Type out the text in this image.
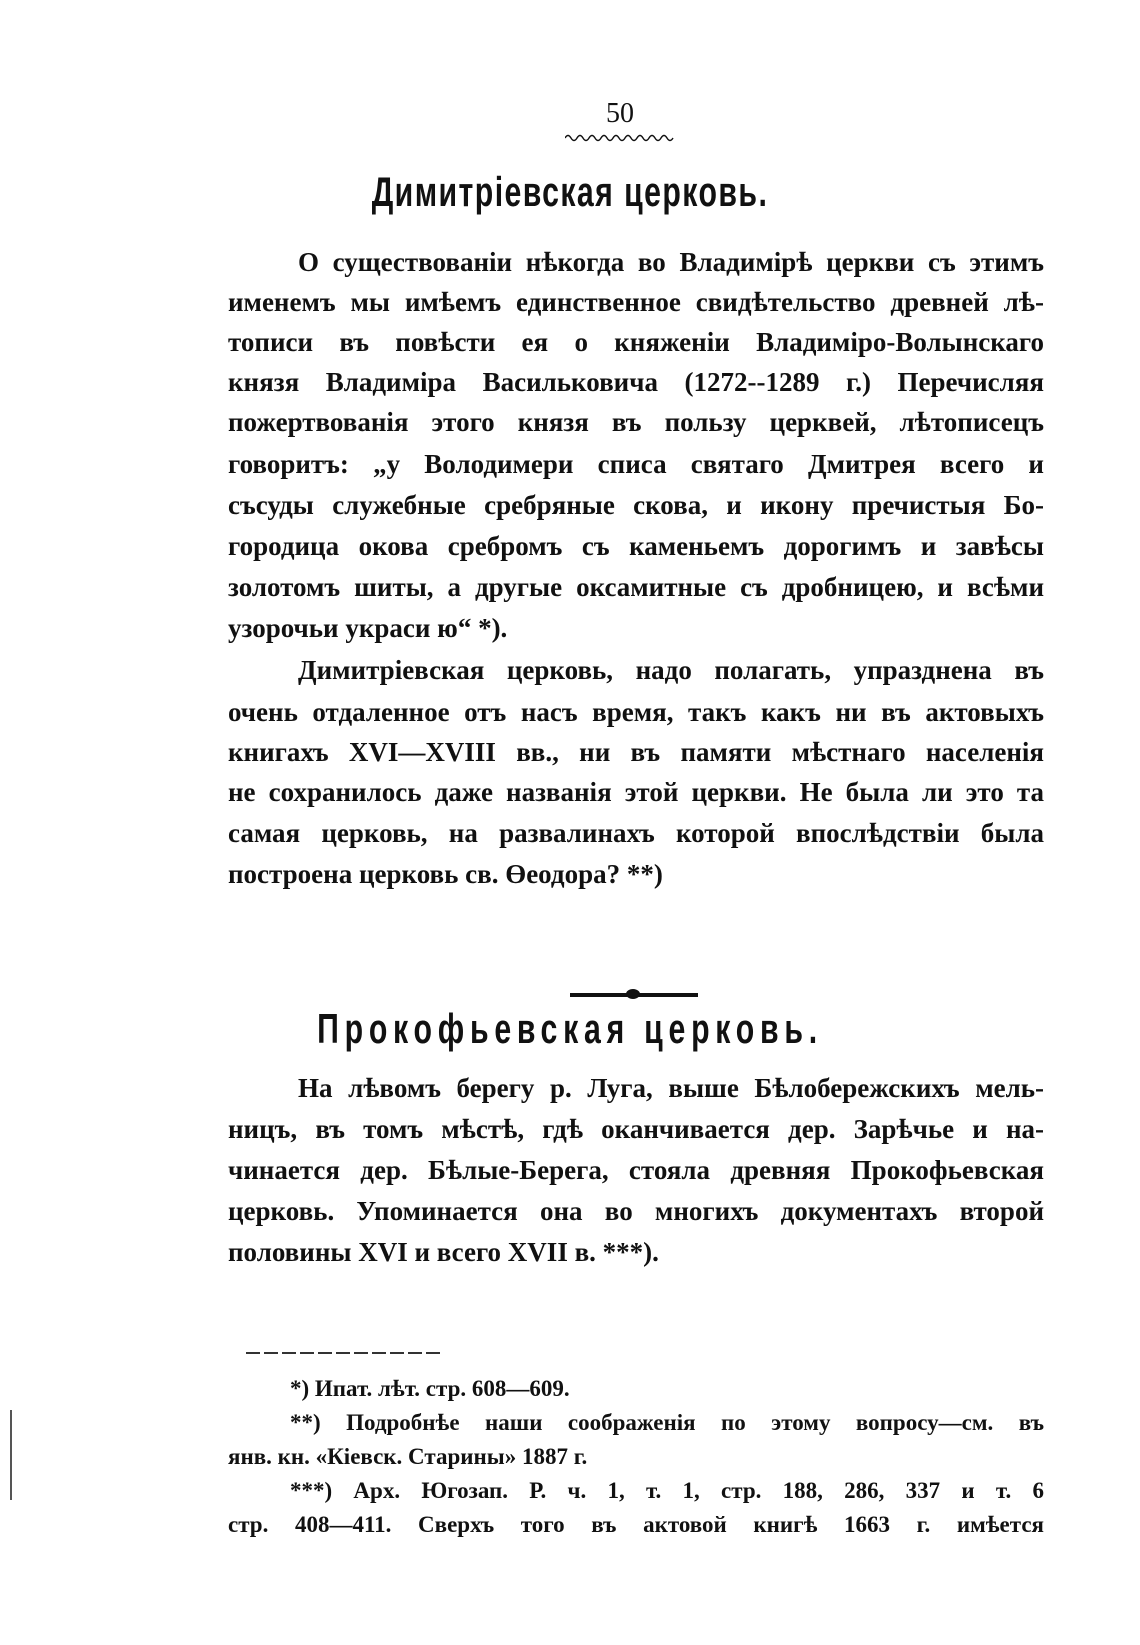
50
Димитріевская церковь.
О существованіи нѣкогда во Владимірѣ церкви съ этимъ
именемъ мы имѣемъ единственное свидѣтельство древней лѣ-
тописи въ повѣсти ея о княженіи Владиміро-Волынскаго
князя Владиміра Васильковича (1272--1289 г.) Перечисляя
пожертвованія этого князя въ пользу церквей, лѣтописецъ
говоритъ: „у Володимери списа святаго Дмитрея всего и
съсуды служебные сребряные скова, и икону пречистыя Бо-
городица окова сребромъ съ каменьемъ дорогимъ и завѣсы
золотомъ шиты, а другые оксамитные съ дробницею, и всѣми
узорочьи украси ю“ *).
Димитріевская церковь, надо полагать, упразднена въ
очень отдаленное отъ насъ время, такъ какъ ни въ актовыхъ
книгахъ XVI—XVIII вв., ни въ памяти мѣстнаго населенія
не сохранилось даже названія этой церкви. Не была ли это та
самая церковь, на развалинахъ которой впослѣдствіи была
построена церковь св. Өеодора? **)
Прокофьевская церковь.
На лѣвомъ берегу р. Луга, выше Бѣлобережскихъ мель-
ницъ, въ томъ мѣстѣ, гдѣ оканчивается дер. Зарѣчье и на-
чинается дер. Бѣлые-Берега, стояла древняя Прокофьевская
церковь. Упоминается она во многихъ документахъ второй
половины XVI и всего XVII в. ***).
*) Ипат. лѣт. стр. 608—609.
**) Подробнѣе наши соображенія по этому вопросу—см. въ
янв. кн. «Кіевск. Старины» 1887 г.
***) Арх. Югозап. Р. ч. 1, т. 1, стр. 188, 286, 337 и т. 6
стр. 408—411. Сверхъ того въ актовой книгѣ 1663 г. имѣется
